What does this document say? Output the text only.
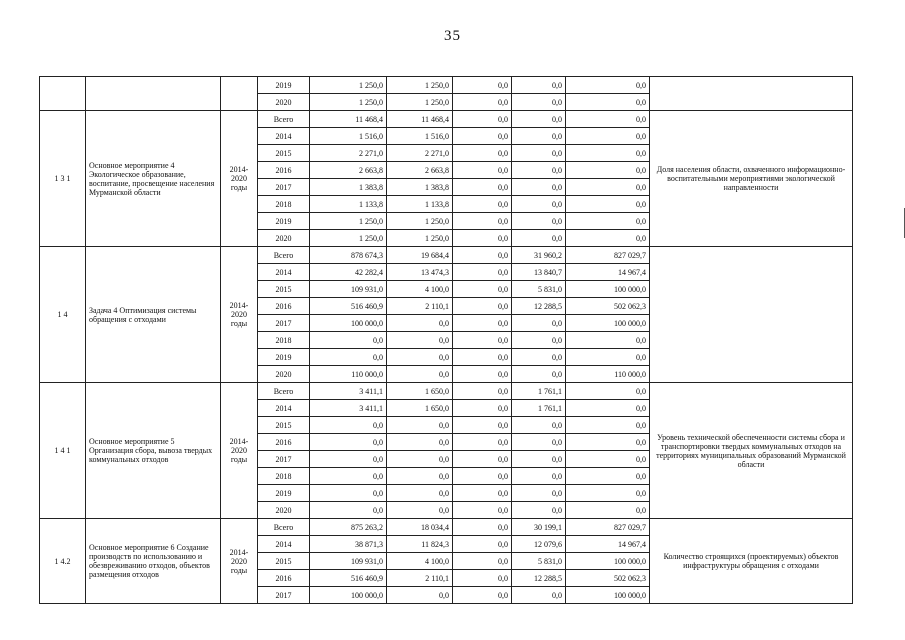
35
			2019	1 250,0	1 250,0	0,0	0,0	0,0	
			2020	1 250,0	1 250,0	0,0	0,0	0,0	
1 3 1	Основное мероприятие 4 Экологическое образование, воспитание, просвещение населения Мурманской области	2014-2020 годы	Всего	11 468,4	11 468,4	0,0	0,0	0,0	Доля населения области, охваченного информационно-воспитательными мероприятиями экологической направленности
			2014	1 516,0	1 516,0	0,0	0,0	0,0	
			2015	2 271,0	2 271,0	0,0	0,0	0,0	
			2016	2 663,8	2 663,8	0,0	0,0	0,0	
			2017	1 383,8	1 383,8	0,0	0,0	0,0	
			2018	1 133,8	1 133,8	0,0	0,0	0,0	
			2019	1 250,0	1 250,0	0,0	0,0	0,0	
			2020	1 250,0	1 250,0	0,0	0,0	0,0	
1 4	Задача 4 Оптимизация системы обращения с отходами	2014-2020 годы	Всего	878 674,3	19 684,4	0,0	31 960,2	827 029,7	
			2014	42 282,4	13 474,3	0,0	13 840,7	14 967,4	
			2015	109 931,0	4 100,0	0,0	5 831,0	100 000,0	
			2016	516 460,9	2 110,1	0,0	12 288,5	502 062,3	
			2017	100 000,0	0,0	0,0	0,0	100 000,0	
			2018	0,0	0,0	0,0	0,0	0,0	
			2019	0,0	0,0	0,0	0,0	0,0	
			2020	110 000,0	0,0	0,0	0,0	110 000,0	
1 4 1	Основное мероприятие 5 Организация сбора, вывоза твердых коммунальных отходов	2014-2020 годы	Всего	3 411,1	1 650,0	0,0	1 761,1	0,0	Уровень технической обеспеченности системы сбора и транспортировки твердых коммунальных отходов на территориях муниципальных образований Мурманской области
			2014	3 411,1	1 650,0	0,0	1 761,1	0,0	
			2015	0,0	0,0	0,0	0,0	0,0	
			2016	0,0	0,0	0,0	0,0	0,0	
			2017	0,0	0,0	0,0	0,0	0,0	
			2018	0,0	0,0	0,0	0,0	0,0	
			2019	0,0	0,0	0,0	0,0	0,0	
			2020	0,0	0,0	0,0	0,0	0,0	
1 4.2	Основное мероприятие 6 Создание производств по использованию и обезвреживанию отходов, объектов размещения отходов	2014-2020 годы	Всего	875 263,2	18 034,4	0,0	30 199,1	827 029,7	Количество строящихся (проектируемых) объектов инфраструктуры обращения с отходами
			2014	38 871,3	11 824,3	0,0	12 079,6	14 967,4	
			2015	109 931,0	4 100,0	0,0	5 831,0	100 000,0	
			2016	516 460,9	2 110,1	0,0	12 288,5	502 062,3	
			2017	100 000,0	0,0	0,0	0,0	100 000,0	
